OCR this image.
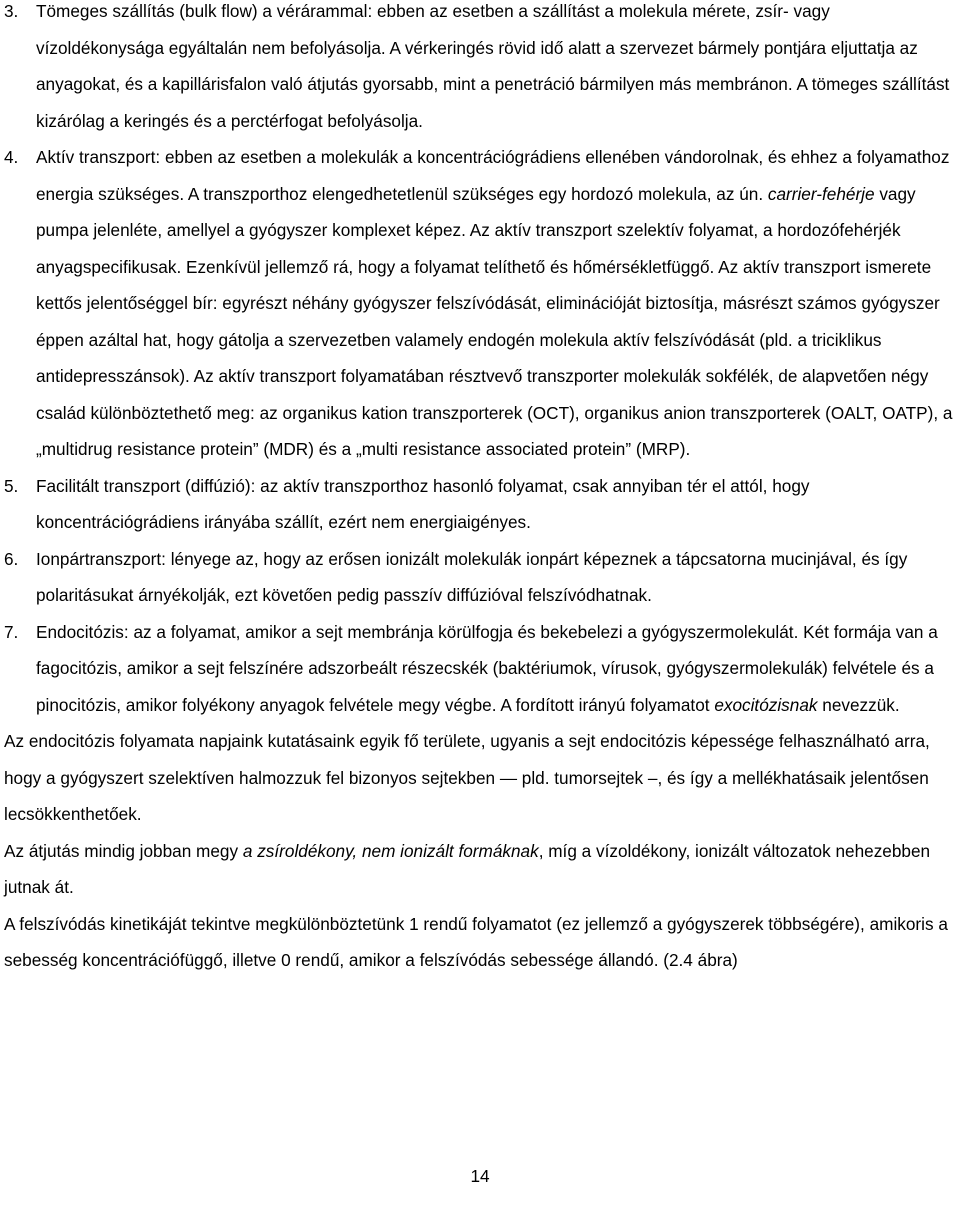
3. Tömeges szállítás (bulk flow) a vérárammal: ebben az esetben a szállítást a molekula mérete, zsír- vagy vízoldékonysága egyáltalán nem befolyásolja. A vérkeringés rövid idő alatt a szervezet bármely pontjára eljuttatja az anyagokat, és a kapillárisfalon való átjutás gyorsabb, mint a penetráció bármilyen más membránon. A tömeges szállítást kizárólag a keringés és a perctérfogat befolyásolja.
4. Aktív transzport: ebben az esetben a molekulák a koncentrációgrádiens ellenében vándorolnak, és ehhez a folyamathoz energia szükséges. A transzporthoz elengedhetetlenül szükséges egy hordozó molekula, az ún. carrier-fehérje vagy pumpa jelenléte, amellyel a gyógyszer komplexet képez. Az aktív transzport szelektív folyamat, a hordozófehérjék anyagspecifikusak. Ezenkívül jellemző rá, hogy a folyamat telíthető és hőmérsékletfüggő. Az aktív transzport ismerete kettős jelentőséggel bír: egyrészt néhány gyógyszer felszívódását, eliminációját biztosítja, másrészt számos gyógyszer éppen azáltal hat, hogy gátolja a szervezetben valamely endogén molekula aktív felszívódását (pld. a triciklikus antidepresszánsok). Az aktív transzport folyamatában résztvevő transzporter molekulák sokfélék, de alapvetően négy család különböztethető meg: az organikus kation transzporterek (OCT), organikus anion transzporterek (OALT, OATP), a „multidrug resistance protein” (MDR) és a „multi resistance associated protein” (MRP).
5. Facilitált transzport (diffúzió): az aktív transzporthoz hasonló folyamat, csak annyiban tér el attól, hogy koncentrációgrádiens irányába szállít, ezért nem energiaigényes.
6. Ionpártranszport: lényege az, hogy az erősen ionizált molekulák ionpárt képeznek a tápcsatorna mucinjával, és így polaritásukat árnyékolják, ezt követően pedig passzív diffúzióval felszívódhatnak.
7. Endocitózis: az a folyamat, amikor a sejt membránja körülfogja és bekebelezi a gyógyszermolekulát. Két formája van a fagocitózis, amikor a sejt felszínére adszorbeált részecskék (baktériumok, vírusok, gyógyszermolekulák) felvétele és a pinocitózis, amikor folyékony anyagok felvétele megy végbe. A fordított irányú folyamatot exocitózisnak nevezzük.

Az endocitózis folyamata napjaink kutatásaink egyik fő területe, ugyanis a sejt endocitózis képessége felhasználható arra, hogy a gyógyszert szelektíven halmozzuk fel bizonyos sejtekben ― pld. tumorsejtek –, és így a mellékhatásaik jelentősen lecsökkenthetőek.

Az átjutás mindig jobban megy a zsíroldékony, nem ionizált formáknak, míg a vízoldékony, ionizált változatok nehezebben jutnak át.

A felszívódás kinetikáját tekintve megkülönböztetünk 1 rendű folyamatot (ez jellemző a gyógyszerek többségére), amikoris a sebesség koncentrációfüggő, illetve 0 rendű, amikor a felszívódás sebessége állandó. (2.4 ábra)

14
